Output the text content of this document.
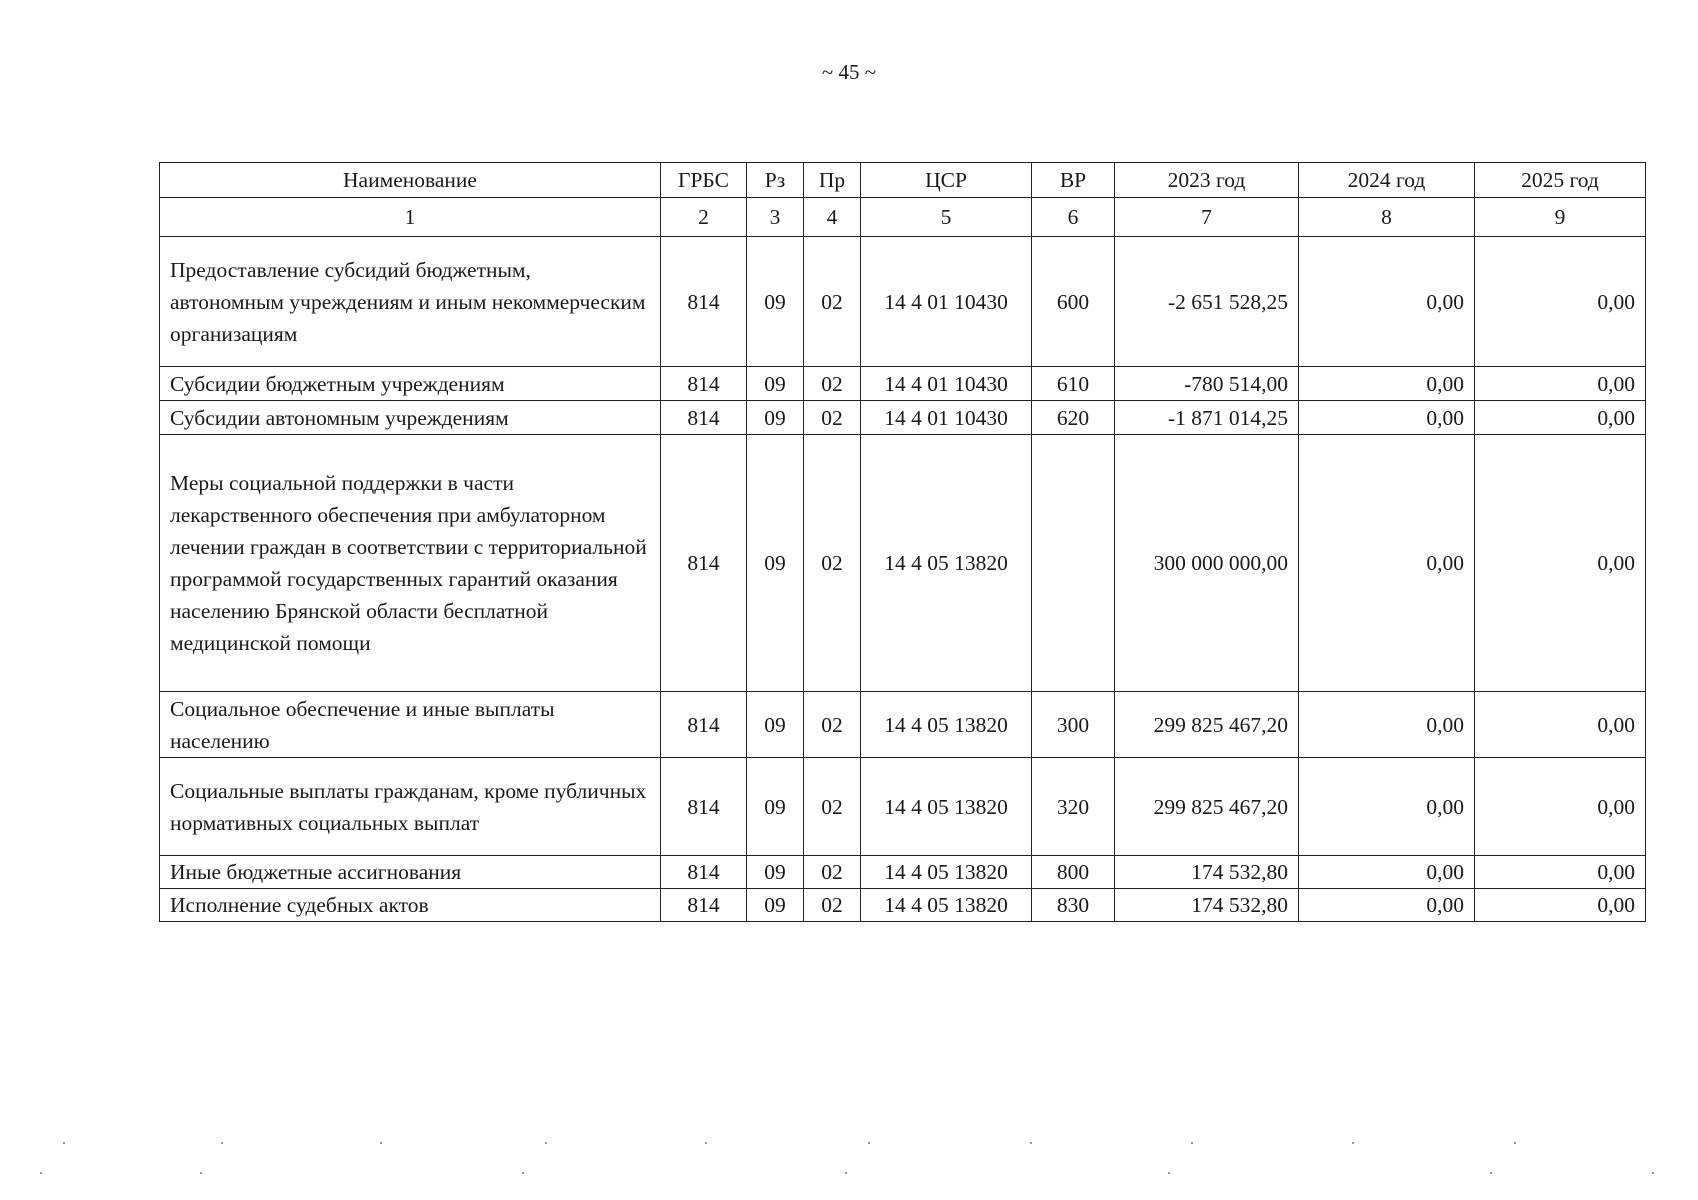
~ 45 ~
Наименование	ГРБС	Рз	Пр	ЦСР	ВР	2023 год	2024 год	2025 год
1	2	3	4	5	6	7	8	9
Предоставление субсидий бюджетным, автономным учреждениям и иным некоммерческим организациям	814	09	02	14 4 01 10430	600	-2 651 528,25	0,00	0,00
Субсидии бюджетным учреждениям	814	09	02	14 4 01 10430	610	-780 514,00	0,00	0,00
Субсидии автономным учреждениям	814	09	02	14 4 01 10430	620	-1 871 014,25	0,00	0,00
Меры социальной поддержки в части лекарственного обеспечения при амбулаторном лечении граждан в соответствии с территориальной программой государственных гарантий оказания населению Брянской области бесплатной медицинской помощи	814	09	02	14 4 05 13820		300 000 000,00	0,00	0,00
Социальное обеспечение и иные выплаты населению	814	09	02	14 4 05 13820	300	299 825 467,20	0,00	0,00
Социальные выплаты гражданам, кроме публичных нормативных социальных выплат	814	09	02	14 4 05 13820	320	299 825 467,20	0,00	0,00
Иные бюджетные ассигнования	814	09	02	14 4 05 13820	800	174 532,80	0,00	0,00
Исполнение судебных актов	814	09	02	14 4 05 13820	830	174 532,80	0,00	0,00
